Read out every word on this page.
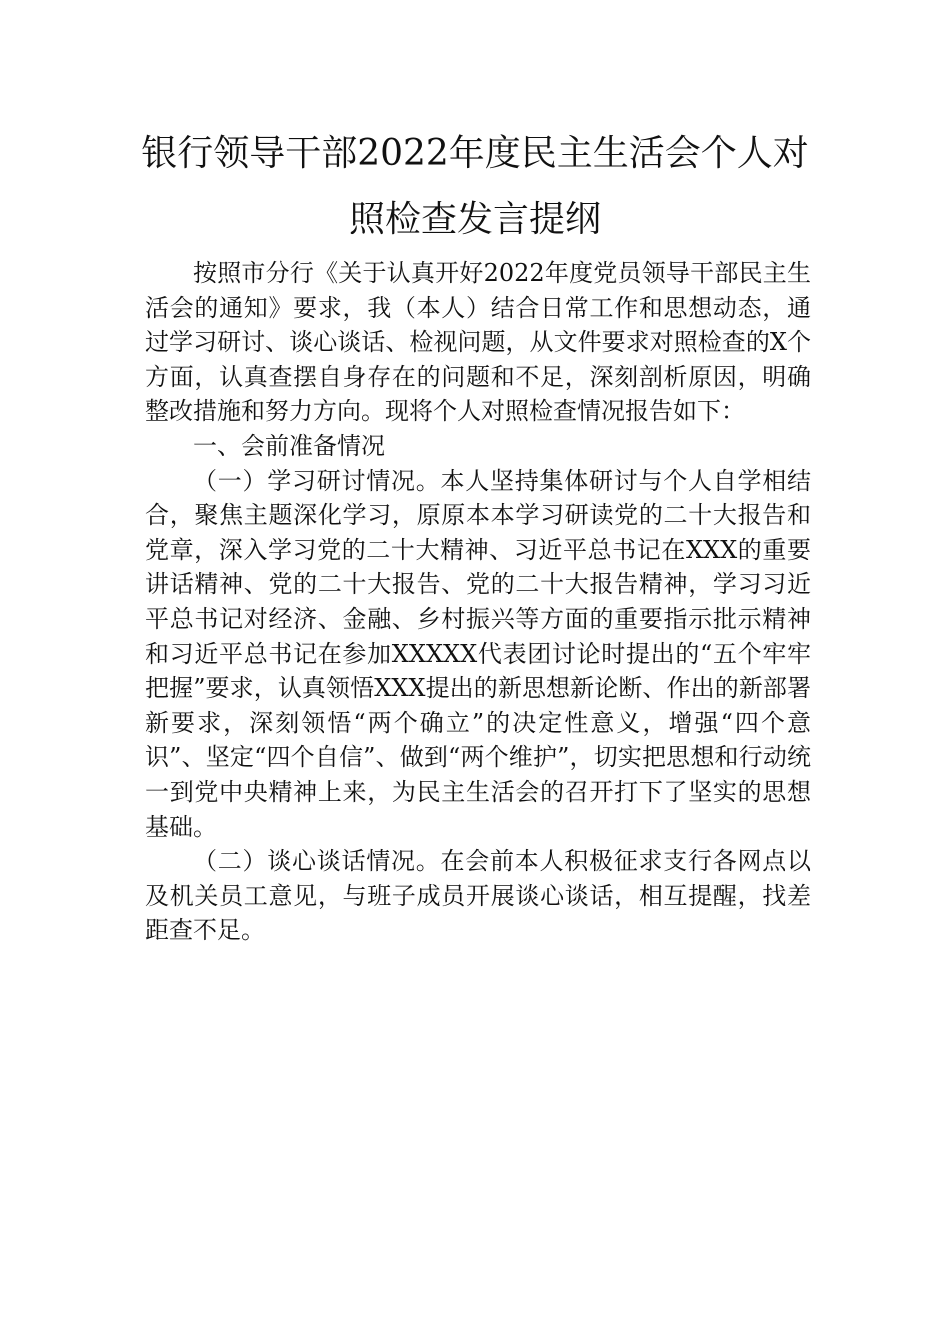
银行领导干部2022年度民主生活会个人对
照检查发言提纲

按照市分行《关于认真开好2022年度党员领导干部民主生活会的通知》要求，我（本人）结合日常工作和思想动态，通过学习研讨、谈心谈话、检视问题，从文件要求对照检查的X个方面，认真查摆自身存在的问题和不足，深刻剖析原因，明确整改措施和努力方向。现将个人对照检查情况报告如下：

一、会前准备情况

（一）学习研讨情况。本人坚持集体研讨与个人自学相结合，聚焦主题深化学习，原原本本学习研读党的二十大报告和党章，深入学习党的二十大精神、习近平总书记在XXX的重要讲话精神、党的二十大报告、党的二十大报告精神，学习习近平总书记对经济、金融、乡村振兴等方面的重要指示批示精神和习近平总书记在参加XXXXX代表团讨论时提出的“五个牢牢把握”要求，认真领悟XXX提出的新思想新论断、作出的新部署新要求，深刻领悟“两个确立”的决定性意义，增强“四个意识”、坚定“四个自信”、做到“两个维护”，切实把思想和行动统一到党中央精神上来，为民主生活会的召开打下了坚实的思想基础。

（二）谈心谈话情况。在会前本人积极征求支行各网点以及机关员工意见，与班子成员开展谈心谈话，相互提醒，找差距查不足。
